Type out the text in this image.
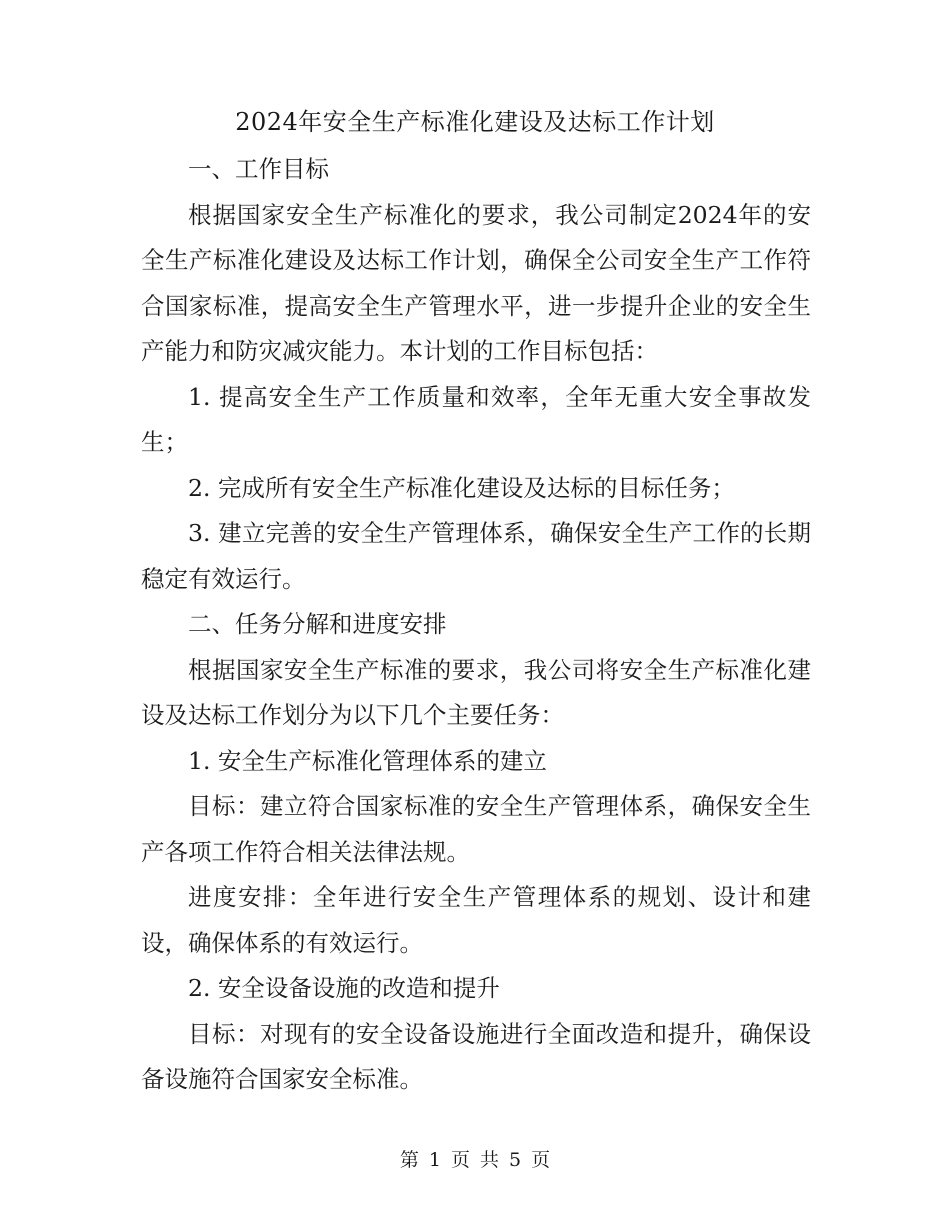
2024年安全生产标准化建设及达标工作计划

一、工作目标

根据国家安全生产标准化的要求，我公司制定2024年的安全生产标准化建设及达标工作计划，确保全公司安全生产工作符合国家标准，提高安全生产管理水平，进一步提升企业的安全生产能力和防灾减灾能力。本计划的工作目标包括：

1. 提高安全生产工作质量和效率，全年无重大安全事故发生；

2. 完成所有安全生产标准化建设及达标的目标任务；

3. 建立完善的安全生产管理体系，确保安全生产工作的长期稳定有效运行。

二、任务分解和进度安排

根据国家安全生产标准的要求，我公司将安全生产标准化建设及达标工作划分为以下几个主要任务：

1. 安全生产标准化管理体系的建立

目标：建立符合国家标准的安全生产管理体系，确保安全生产各项工作符合相关法律法规。

进度安排：全年进行安全生产管理体系的规划、设计和建设，确保体系的有效运行。

2. 安全设备设施的改造和提升

目标：对现有的安全设备设施进行全面改造和提升，确保设备设施符合国家安全标准。

第 1 页 共 5 页
